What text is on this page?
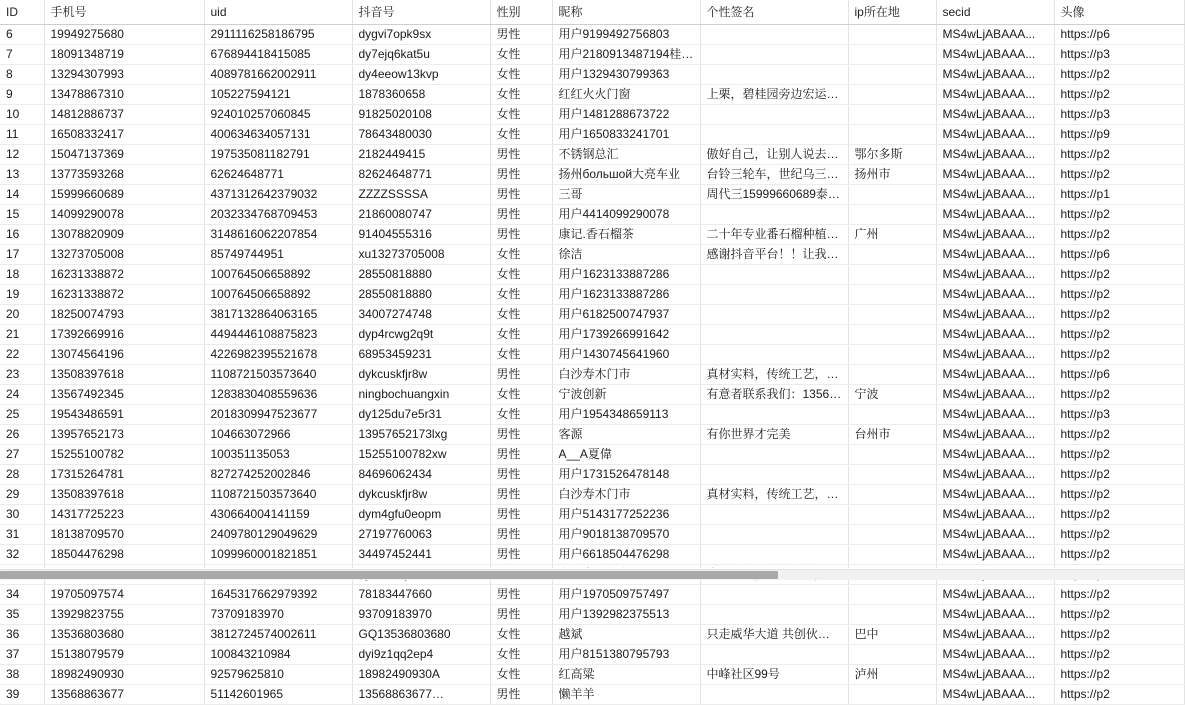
ID	手机号	uid	抖音号	性别	昵称	个性签名	ip所在地	secid	头像
6	19949275680	2911116258186795	dygvi7opk9sx	男性	用户9199492756803			MS4wLjABAAA...	https://p6
7	18091348719	676894418415085	dy7ejq6kat5u	女性	用户2180913487194桂…			MS4wLjABAAA...	https://p3
8	13294307993	4089781662002911	dy4eeow13kvp	女性	用户1329430799363			MS4wLjABAAA...	https://p2
9	13478867310	105227594121	1878360658	女性	红红火火门窗	上栗，碧桂园旁边宏运…		MS4wLjABAAA...	https://p2
10	14812886737	924010257060845	91825020108	女性	用户1481288673722			MS4wLjABAAA...	https://p3
11	16508332417	400634634057131	78643480030	女性	用户1650833241701			MS4wLjABAAA...	https://p9
12	15047137369	197535081182791	2182449415	男性	不锈钢总汇	傲好自己，让别人说去…	鄂尔多斯	MS4wLjABAAA...	https://p2
13	13773593268	62624648771	82624648771	男性	扬州большой大亮车业	台铃三轮车，世纪乌三…	扬州市	MS4wLjABAAA...	https://p2
14	15999660689	4371312642379032	ZZZZSSSSA	男性	三哥	周代三15999660689泰…		MS4wLjABAAA...	https://p1
15	14099290078	2032334768709453	21860080747	男性	用户4414099290078			MS4wLjABAAA...	https://p2
16	13078820909	3148616062207854	91404555316	男性	康记.香石榴茶	二十年专业番石榴种植…	广州	MS4wLjABAAA...	https://p2
17	13273705008	85749744951	xu13273705008	女性	徐洁	感谢抖音平台！！让我…		MS4wLjABAAA...	https://p6
18	16231338872	100764506658892	28550818880	女性	用户1623133887286			MS4wLjABAAA...	https://p2
19	16231338872	100764506658892	28550818880	女性	用户1623133887286			MS4wLjABAAA...	https://p2
20	18250074793	3817132864063165	34007274748	女性	用户6182500747937			MS4wLjABAAA...	https://p2
21	17392669916	4494446108875823	dyp4rcwg2q9t	女性	用户1739266991642			MS4wLjABAAA...	https://p2
22	13074564196	4226982395521678	68953459231	女性	用户1430745641960			MS4wLjABAAA...	https://p2
23	13508397618	1108721503573640	dykcuskfjr8w	男性	白沙寿木门市	真材实料，传统工艺，…		MS4wLjABAAA...	https://p6
24	13567492345	1283830408559636	ningbochuangxin	女性	宁波创新	有意者联系我们：1356…	宁波	MS4wLjABAAA...	https://p2
25	19543486591	2018309947523677	dy125du7e5r31	女性	用户1954348659113			MS4wLjABAAA...	https://p3
26	13957652173	104663072966	13957652173lxg	男性	客源	有你世界才完美	台州市	MS4wLjABAAA...	https://p2
27	15255100782	100351135053	15255100782xw	男性	A__A夏偉			MS4wLjABAAA...	https://p2
28	17315264781	827274252002846	84696062434	男性	用户1731526478148			MS4wLjABAAA...	https://p2
29	13508397618	1108721503573640	dykcuskfjr8w	男性	白沙寿木门市	真材实料，传统工艺，…		MS4wLjABAAA...	https://p2
30	14317725223	430664004141159	dym4gfu0eopm	男性	用户5143177252236			MS4wLjABAAA...	https://p2
31	18138709570	2409780129049629	27197760063	男性	用户9018138709570			MS4wLjABAAA...	https://p2
32	18504476298	1099960001821851	34497452441	男性	用户6618504476298			MS4wLjABAAA...	https://p2

34	19705097574	1645317662979392	78183447660	男性	用户1970509757497			MS4wLjABAAA...	https://p2
35	13929823755	73709183970	93709183970	男性	用户1392982375513			MS4wLjABAAA...	https://p2
36	13536803680	3812724574002611	GQ13536803680	女性	越斌	只走威华大道 共创伙…	巴中	MS4wLjABAAA...	https://p2
37	15138079579	100843210984	dyi9z1qq2ep4	女性	用户8151380795793			MS4wLjABAAA...	https://p2
38	18982490930	92579625810	18982490930A	女性	红高粱	中峰社区99号	泸州	MS4wLjABAAA...	https://p2
39	13568863677	51142601965	13568863677…	男性	懒羊羊			MS4wLjABAAA...	https://p2
